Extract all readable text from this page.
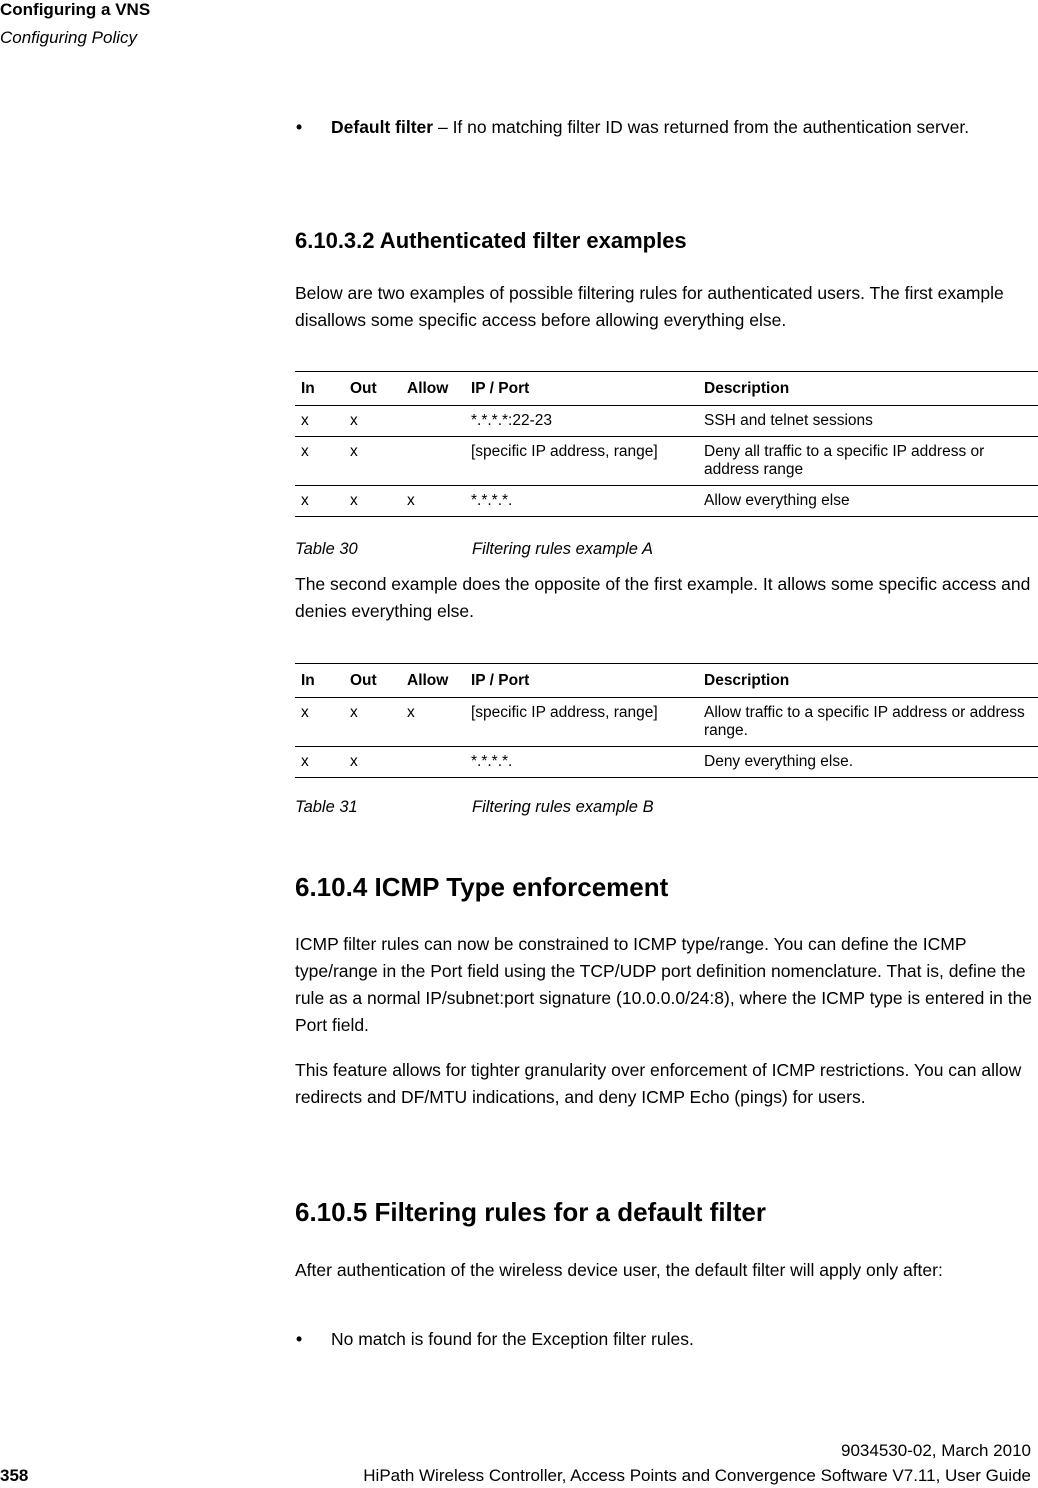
Configuring a VNS
Configuring Policy
•	Default filter – If no matching filter ID was returned from the authentication server.
6.10.3.2 Authenticated filter examples
Below are two examples of possible filtering rules for authenticated users. The first example disallows some specific access before allowing everything else.
In	Out	Allow	IP / Port	Description
x	x		*.*.*.*:22-23	SSH and telnet sessions
x	x		[specific IP address, range]	Deny all traffic to a specific IP address or address range
x	x	x	*.*.*.*.	Allow everything else
Table 30	Filtering rules example A
The second example does the opposite of the first example. It allows some specific access and denies everything else.
In	Out	Allow	IP / Port	Description
x	x	x	[specific IP address, range]	Allow traffic to a specific IP address or address range.
x	x		*.*.*.*.	Deny everything else.
Table 31	Filtering rules example B
6.10.4 ICMP Type enforcement
ICMP filter rules can now be constrained to ICMP type/range. You can define the ICMP type/range in the Port field using the TCP/UDP port definition nomenclature. That is, define the rule as a normal IP/subnet:port signature (10.0.0.0/24:8), where the ICMP type is entered in the Port field.
This feature allows for tighter granularity over enforcement of ICMP restrictions. You can allow redirects and DF/MTU indications, and deny ICMP Echo (pings) for users.
6.10.5 Filtering rules for a default filter
After authentication of the wireless device user, the default filter will apply only after:
•	No match is found for the Exception filter rules.
9034530-02, March 2010
358	HiPath Wireless Controller, Access Points and Convergence Software V7.11, User Guide
